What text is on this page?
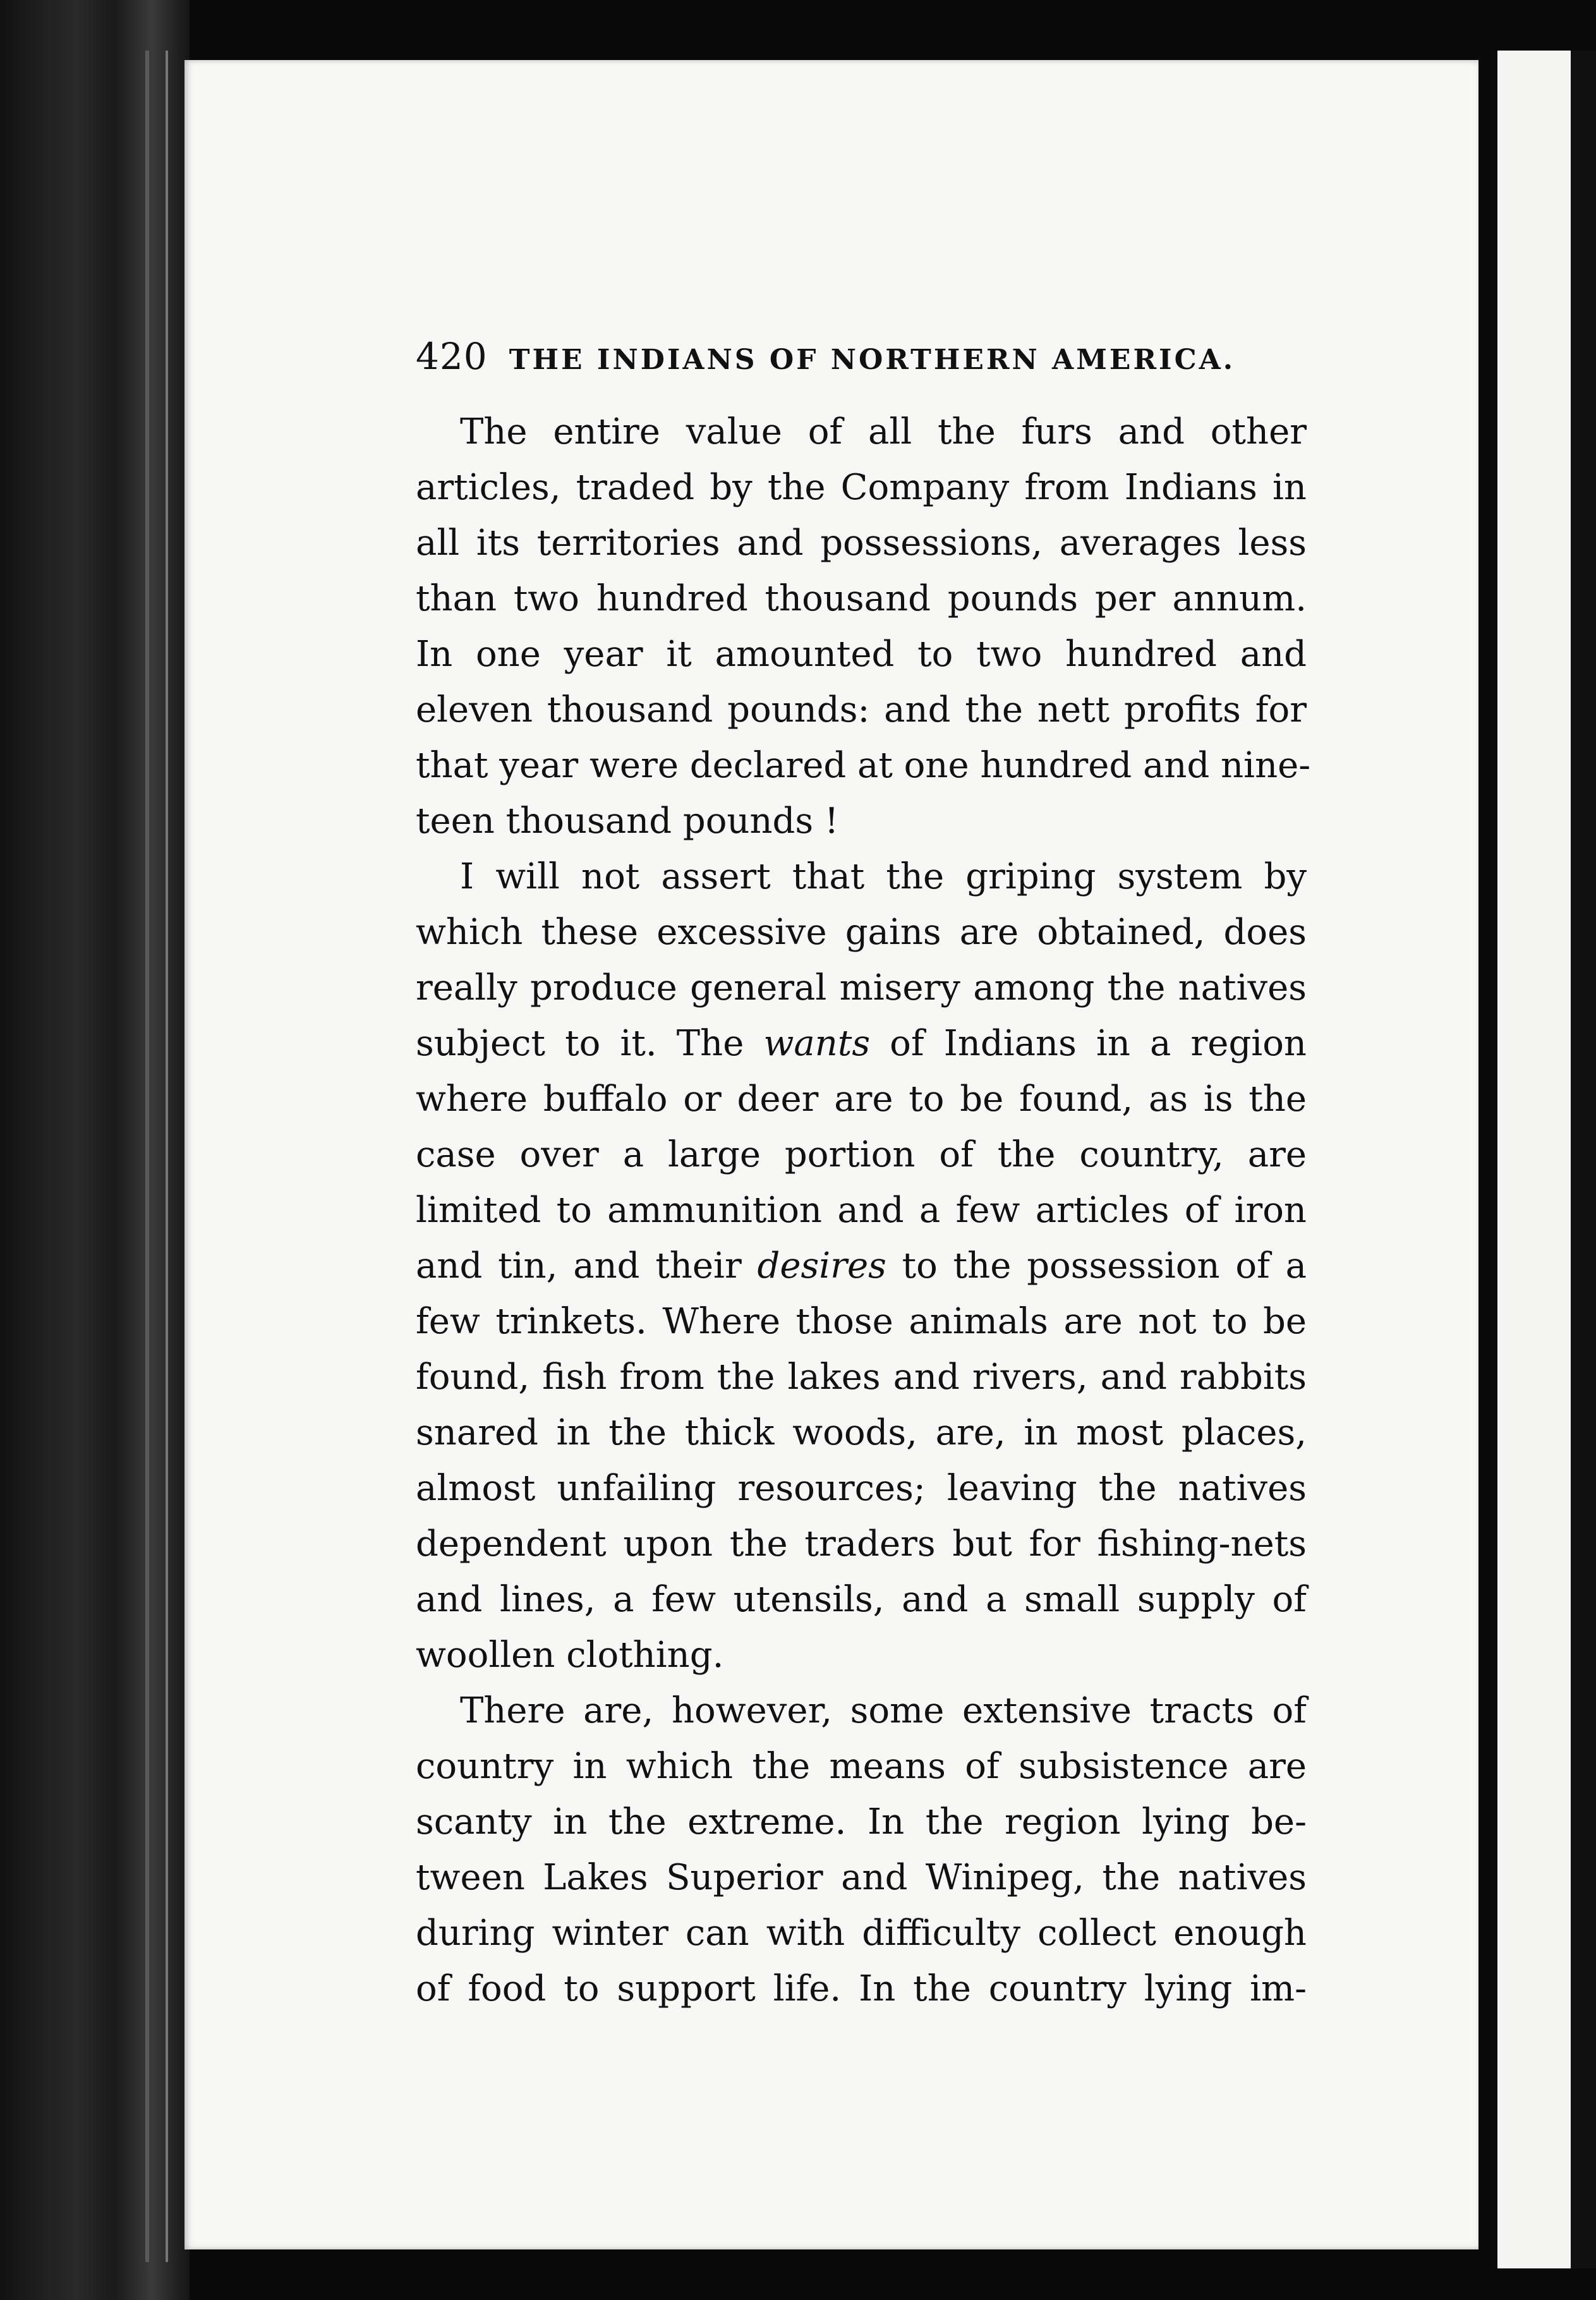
420 THE INDIANS OF NORTHERN AMERICA.
The entire value of all the furs and other
articles, traded by the Company from Indians in
all its territories and possessions, averages less
than two hundred thousand pounds per annum.
In one year it amounted to two hundred and
eleven thousand pounds: and the nett profits for
that year were declared at one hundred and nine-
teen thousand pounds !
I will not assert that the griping system by
which these excessive gains are obtained, does
really produce general misery among the natives
subject to it. The wants of Indians in a region
where buffalo or deer are to be found, as is the
case over a large portion of the country, are
limited to ammunition and a few articles of iron
and tin, and their desires to the possession of a
few trinkets. Where those animals are not to be
found, fish from the lakes and rivers, and rabbits
snared in the thick woods, are, in most places,
almost unfailing resources; leaving the natives
dependent upon the traders but for fishing-nets
and lines, a few utensils, and a small supply of
woollen clothing.
There are, however, some extensive tracts of
country in which the means of subsistence are
scanty in the extreme. In the region lying be-
tween Lakes Superior and Winipeg, the natives
during winter can with difficulty collect enough
of food to support life. In the country lying im-
